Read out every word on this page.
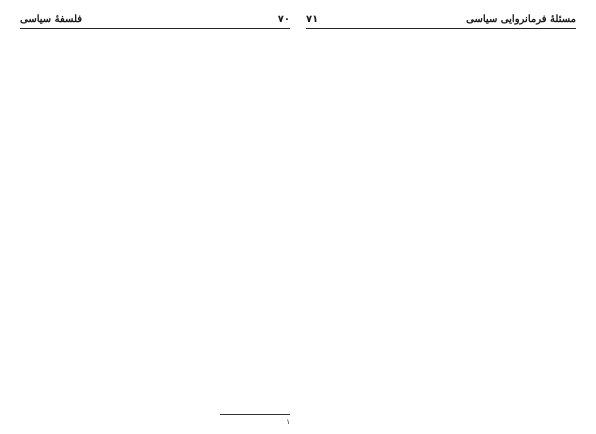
مسئلهٔ فرمانروایی سیاسی
۷۱
فلسفهٔ سیاسی	۷۰
۱
